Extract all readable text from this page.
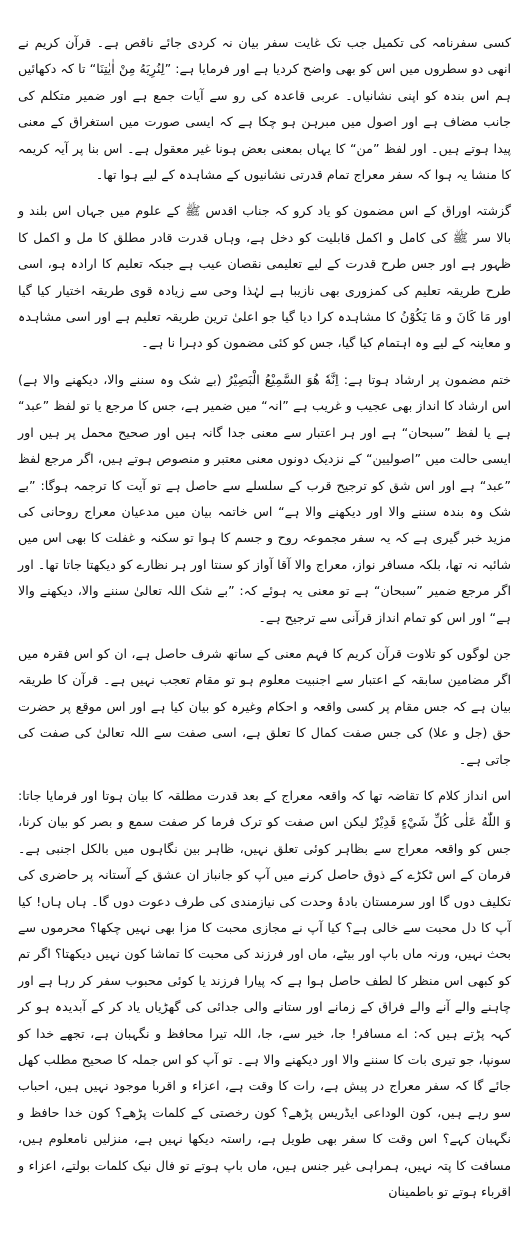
کسی سفرنامہ کی تکمیل جب تک غایت سفر بیان نہ کردی جائے ناقص ہے۔ قرآن کریم نے انھی دو سطروں میں اس کو بھی واضح کردیا ہے اور فرمایا ہے: ”لِنُرِيَهُ مِنْ اٰيٰتِنَا“ تا کہ دکھائیں ہم اس بندہ کو اپنی نشانیاں۔ عربی قاعدہ کی رو سے آیات جمع ہے اور ضمیر متکلم کی جانب مضاف ہے اور اصول میں مبرہن ہو چکا ہے کہ ایسی صورت میں استغراق کے معنی پیدا ہوتے ہیں۔ اور لفظ ”من“ کا یہاں بمعنی بعض ہونا غیر معقول ہے۔ اس بنا پر آیہ کریمہ کا منشا یہ ہوا کہ سفر معراج تمام قدرتی نشانیوں کے مشاہدہ کے لیے ہوا تھا۔

گزشتہ اوراق کے اس مضمون کو یاد کرو کہ جناب اقدس ﷺ کے علوم میں جہاں اس بلند و بالا سر ﷺ کی کامل و اکمل قابلیت کو دخل ہے، وہاں قدرت قادر مطلق کا مل و اکمل کا ظہور ہے اور جس طرح قدرت کے لیے تعلیمی نقصان عیب ہے جبکہ تعلیم کا ارادہ ہو، اسی طرح طریقہ تعلیم کی کمزوری بھی نازیبا ہے لہٰذا وحی سے زیادہ قوی طریقہ اختیار کیا گیا اور مَا کَانَ و مَا یَکُوْنُ کا مشاہدہ کرا دیا گیا جو اعلیٰ ترین طریقہ تعلیم ہے اور اسی مشاہدہ و معاینہ کے لیے وہ اہتمام کیا گیا، جس کو کئی مضمون کو دہرا نا ہے۔

ختم مضمون پر ارشاد ہوتا ہے: اِنَّهٗ هُوَ السَّمِيْعُ الْبَصِيْرُ (بے شک وہ سننے والا، دیکھنے والا ہے) اس ارشاد کا انداز بھی عجیب و غریب ہے ”انہ“ میں ضمیر ہے، جس کا مرجع یا تو لفظ ”عبد“ ہے یا لفظ ”سبحان“ ہے اور ہر اعتبار سے معنی جدا گانہ ہیں اور صحیح محمل پر ہیں اور ایسی حالت میں ”اصولیین“ کے نزدیک دونوں معنی معتبر و منصوص ہوتے ہیں، اگر مرجع لفظ ”عبد“ ہے اور اس شق کو ترجیح قرب کے سلسلے سے حاصل ہے تو آیت کا ترجمہ ہوگا: ”بے شک وہ بندہ سننے والا اور دیکھنے والا ہے“ اس خاتمہ بیان میں مدعیان معراج روحانی کی مزید خبر گیری ہے کہ یہ سفر مجموعہ روح و جسم کا ہوا تو سکنہ و غفلت کا بھی اس میں شائبہ نہ تھا، بلکہ مسافر نواز، معراج والا آقا آواز کو سنتا اور ہر نظارے کو دیکھتا جاتا تھا۔ اور اگر مرجع ضمیر ”سبحان“ ہے تو معنی یہ ہوئے کہ: ”بے شک اللہ تعالیٰ سننے والا، دیکھنے والا ہے“ اور اس کو تمام انداز قرآنی سے ترجیح ہے۔

جن لوگوں کو تلاوت قرآن کریم کا فہم معنی کے ساتھ شرف حاصل ہے، ان کو اس فقرہ میں اگر مضامین سابقہ کے اعتبار سے اجنبیت معلوم ہو تو مقام تعجب نہیں ہے۔ قرآن کا طریقہ بیان ہے کہ جس مقام پر کسی واقعہ و احکام وغیرہ کو بیان کیا ہے اور اس موقع پر حضرت حق (جل و علا) کی جس صفت کمال کا تعلق ہے، اسی صفت سے اللہ تعالیٰ کی صفت کی جاتی ہے۔

اس انداز کلام کا تقاضہ تھا کہ واقعہ معراج کے بعد قدرت مطلقہ کا بیان ہوتا اور فرمایا جاتا: وَ اللّٰهُ عَلٰى كُلِّ شَيْءٍ قَدِيْرٌ لیکن اس صفت کو ترک فرما کر صفت سمع و بصر کو بیان کرنا، جس کو واقعہ معراج سے بظاہر کوئی تعلق نہیں، ظاہر بین نگاہوں میں بالکل اجنبی ہے۔ فرمان کے اس ٹکڑے کے ذوق حاصل کرنے میں آپ کو جانباز ان عشق کے آستانہ پر حاضری کی تکلیف دوں گا اور سرمستان بادۂ وحدت کی نیازمندی کی طرف دعوت دوں گا۔ ہاں ہاں! کیا آپ کا دل محبت سے خالی ہے؟ کیا آپ نے مجازی محبت کا مزا بھی نہیں چکھا؟ محرموں سے بحث نہیں، ورنہ ماں باپ اور بیٹے، ماں اور فرزند کی محبت کا تماشا کون نہیں دیکھتا؟ اگر تم کو کبھی اس منظر کا لطف حاصل ہوا ہے کہ پیارا فرزند یا کوئی محبوب سفر کر رہا ہے اور چاہنے والے آنے والے فراق کے زمانے اور ستانے والی جدائی کی گھڑیاں یاد کر کے آبدیدہ ہو کر کہہ پڑتے ہیں کہ: اے مسافر! جا، خیر سے، جا، اللہ تیرا محافظ و نگہبان ہے، تجھے خدا کو سونپا، جو تیری بات کا سننے والا اور دیکھنے والا ہے۔ تو آپ کو اس جملہ کا صحیح مطلب کھل جائے گا کہ سفر معراج در پیش ہے، رات کا وقت ہے، اعزاء و اقربا موجود نہیں ہیں، احباب سو رہے ہیں، کون الوداعی ایڈریس پڑھے؟ کون رخصتی کے کلمات پڑھے؟ کون خدا حافظ و نگہبان کہے؟ اس وقت کا سفر بھی طویل ہے، راستہ دیکھا نہیں ہے، منزلیں نامعلوم ہیں، مسافت کا پتہ نہیں، ہمراہی غیر جنس ہیں، ماں باپ ہوتے تو فال نیک کلمات بولتے، اعزاء و اقرباء ہوتے تو باطمینان
